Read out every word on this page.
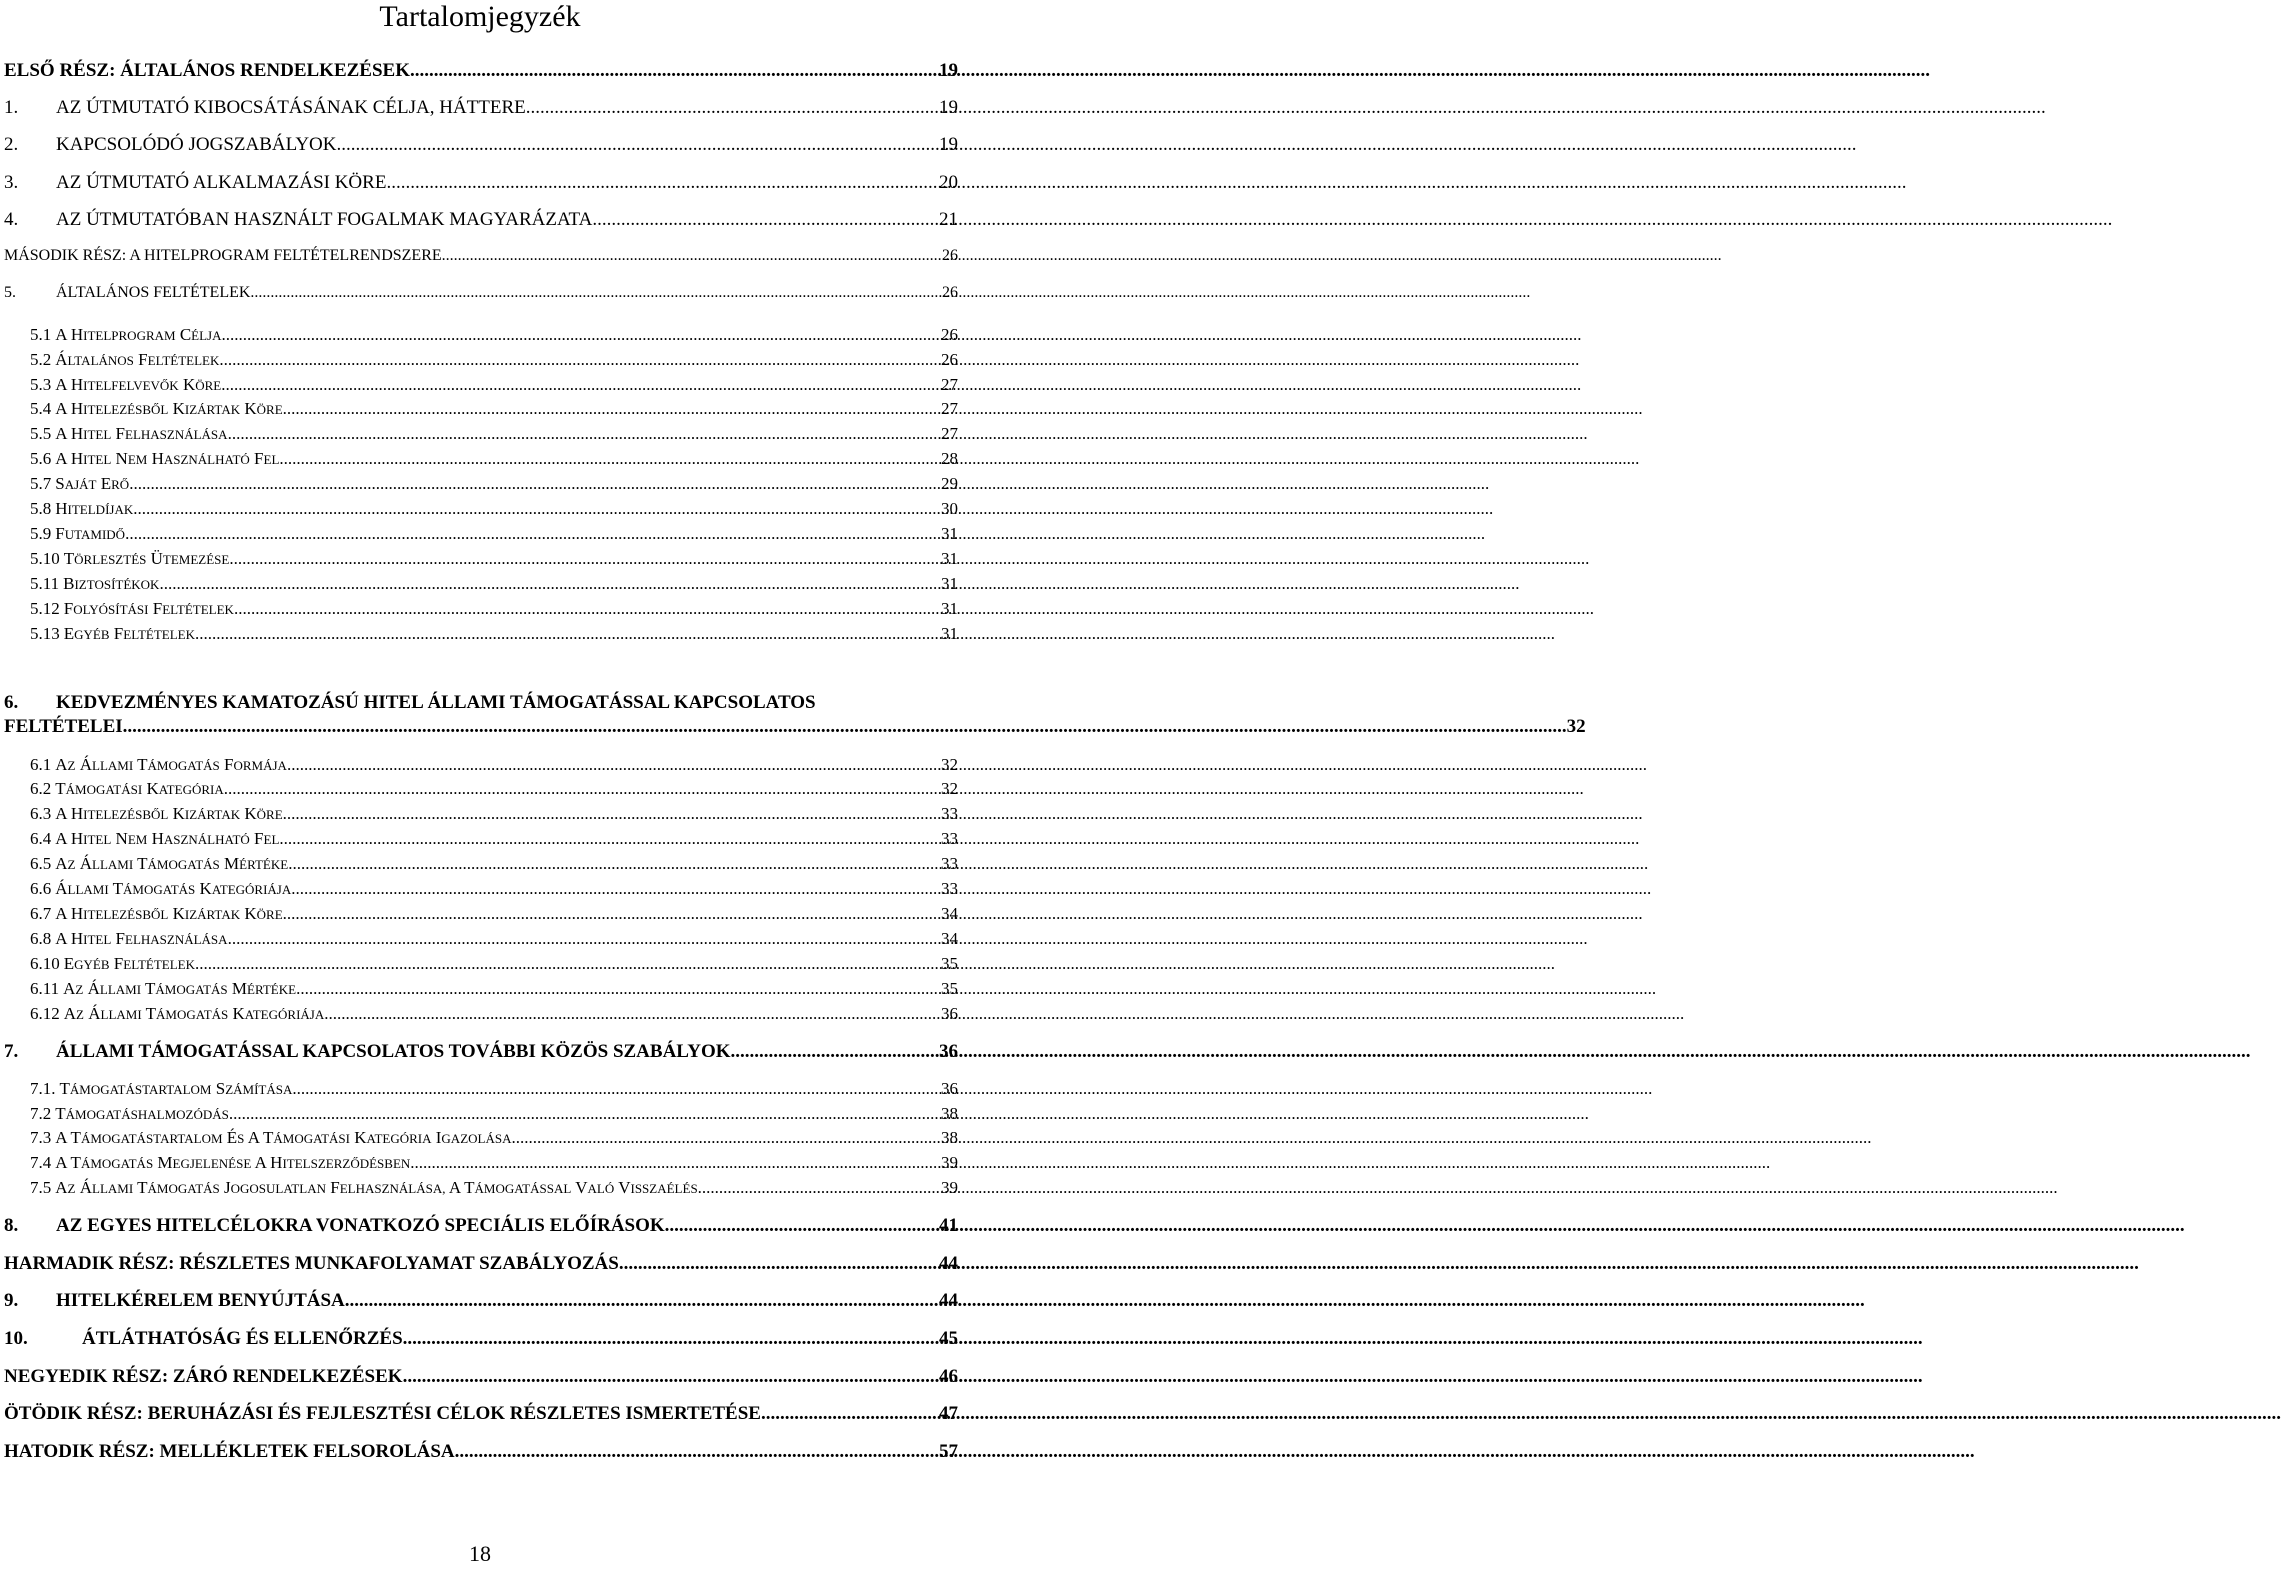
Tartalomjegyzék
ELSŐ RÉSZ: ÁLTALÁNOS RENDELKEZÉSEK .....	19
1.	AZ ÚTMUTATÓ KIBOCSÁTÁSÁNAK CÉLJA, HÁTTERE .....	19
2.	KAPCSOLÓDÓ JOGSZABÁLYOK .....	19
3.	AZ ÚTMUTATÓ ALKALMAZÁSI KÖRE .....	20
4.	AZ ÚTMUTATÓBAN HASZNÁLT FOGALMAK MAGYARÁZATA .....	21
MÁSODIK RÉSZ: A HITELPROGRAM FELTÉTELRENDSZERE .....	26
5.	ÁLTALÁNOS FELTÉTELEK .....	26
5.1 A HITELPROGRAM CÉLJA .....	26
5.2 ÁLTALÁNOS FELTÉTELEK .....	26
5.3 A HITELFELVEVŐK KÖRE .....	27
5.4 A HITELEZÉSBŐL KIZÁRTAK KÖRE .....	27
5.5 A HITEL FELHASZNÁLÁSA .....	27
5.6 A HITEL NEM HASZNÁLHATÓ FEL .....	28
5.7 SAJÁT ERŐ .....	29
5.8 HITELDÍJAK .....	30
5.9 FUTAMIDŐ .....	31
5.10 TÖRLESZTÉS ÜTEMEZÉSE .....	31
5.11 BIZTOSÍTÉKOK .....	31
5.12 FOLYÓSÍTÁSI FELTÉTELEK .....	31
5.13 EGYÉB FELTÉTELEK .....	31
6.	KEDVEZMÉNYES KAMATOZÁSÚ HITEL ÁLLAMI TÁMOGATÁSSAL KAPCSOLATOS
FELTÉTELEI .....	32
6.1 AZ ÁLLAMI TÁMOGATÁS FORMÁJA .....	32
6.2 TÁMOGATÁSI KATEGÓRIA .....	32
6.3 A HITELEZÉSBŐL KIZÁRTAK KÖRE .....	33
6.4 A HITEL NEM HASZNÁLHATÓ FEL .....	33
6.5 AZ ÁLLAMI TÁMOGATÁS MÉRTÉKE .....	33
6.6 ÁLLAMI TÁMOGATÁS KATEGÓRIÁJA .....	33
6.7 A HITELEZÉSBŐL KIZÁRTAK KÖRE .....	34
6.8 A HITEL FELHASZNÁLÁSA .....	34
6.10 EGYÉB FELTÉTELEK .....	35
6.11 AZ ÁLLAMI TÁMOGATÁS MÉRTÉKE .....	35
6.12 AZ ÁLLAMI TÁMOGATÁS KATEGÓRIÁJA .....	36
7.	ÁLLAMI TÁMOGATÁSSAL KAPCSOLATOS TOVÁBBI KÖZÖS SZABÁLYOK .....	36
7.1. TÁMOGATÁSTARTALOM SZÁMÍTÁSA .....	36
7.2 TÁMOGATÁSHALMOZÓDÁS .....	38
7.3 A TÁMOGATÁSTARTALOM ÉS A TÁMOGATÁSI KATEGÓRIA IGAZOLÁSA .....	38
7.4 A TÁMOGATÁS MEGJELENÉSE A HITELSZERZŐDÉSBEN .....	39
7.5 AZ ÁLLAMI TÁMOGATÁS JOGOSULATLAN FELHASZNÁLÁSA, A TÁMOGATÁSSAL VALÓ VISSZAÉLÉS .....	39
8.	AZ EGYES HITELCÉLOKRA VONATKOZÓ SPECIÁLIS ELŐÍRÁSOK .....	41
HARMADIK RÉSZ: RÉSZLETES MUNKAFOLYAMAT SZABÁLYOZÁS .....	44
9.	HITELKÉRELEM BENYÚJTÁSA .....	44
10.	ÁTLÁTHATÓSÁG ÉS ELLENŐRZÉS .....	45
NEGYEDIK RÉSZ: ZÁRÓ RENDELKEZÉSEK .....	46
ÖTÖDIK RÉSZ: BERUHÁZÁSI ÉS FEJLESZTÉSI CÉLOK RÉSZLETES ISMERTETÉSE .....	47
HATODIK RÉSZ: MELLÉKLETEK FELSOROLÁSA .....	57
18
